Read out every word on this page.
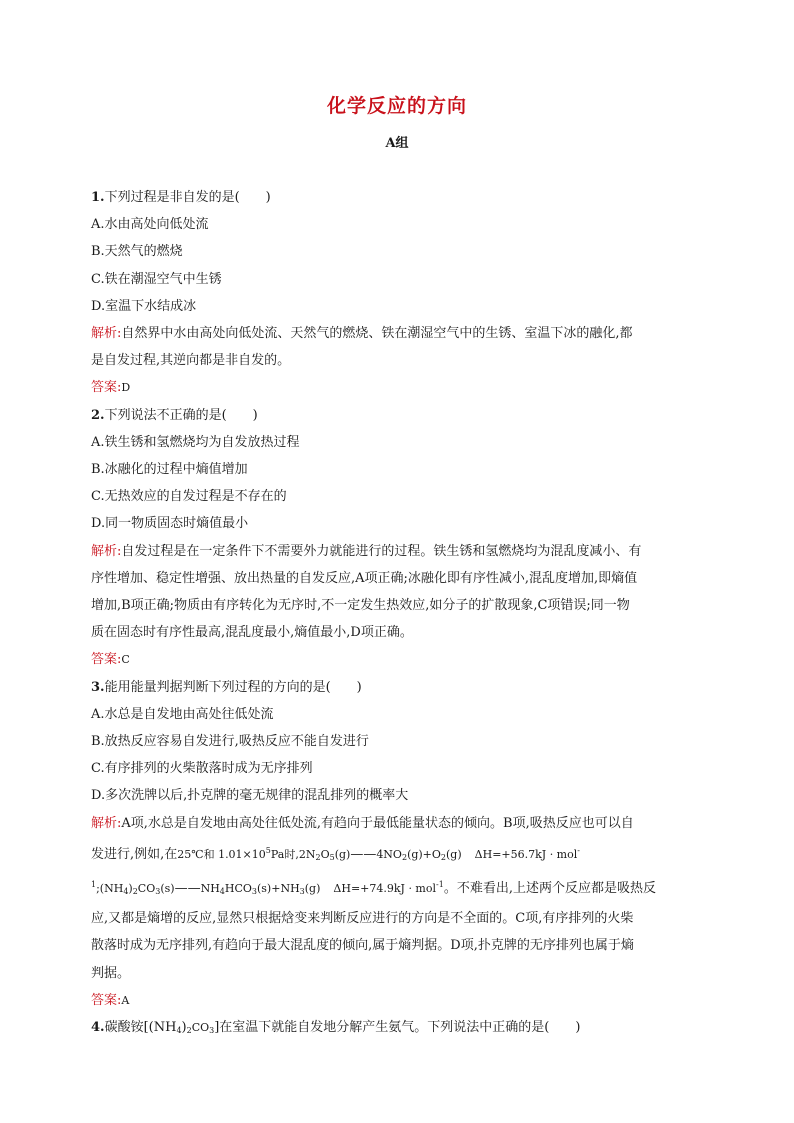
化学反应的方向
A组
1.下列过程是非自发的是(　　)
A.水由高处向低处流
B.天然气的燃烧
C.铁在潮湿空气中生锈
D.室温下水结成冰
解析:自然界中水由高处向低处流、天然气的燃烧、铁在潮湿空气中的生锈、室温下冰的融化,都
是自发过程,其逆向都是非自发的。
答案:D
2.下列说法不正确的是(　　)
A.铁生锈和氢燃烧均为自发放热过程
B.冰融化的过程中熵值增加
C.无热效应的自发过程是不存在的
D.同一物质固态时熵值最小
解析:自发过程是在一定条件下不需要外力就能进行的过程。铁生锈和氢燃烧均为混乱度减小、有
序性增加、稳定性增强、放出热量的自发反应,A项正确;冰融化即有序性减小,混乱度增加,即熵值
增加,B项正确;物质由有序转化为无序时,不一定发生热效应,如分子的扩散现象,C项错误;同一物
质在固态时有序性最高,混乱度最小,熵值最小,D项正确。
答案:C
3.能用能量判据判断下列过程的方向的是(　　)
A.水总是自发地由高处往低处流
B.放热反应容易自发进行,吸热反应不能自发进行
C.有序排列的火柴散落时成为无序排列
D.多次洗牌以后,扑克牌的毫无规律的混乱排列的概率大
解析:A项,水总是自发地由高处往低处流,有趋向于最低能量状态的倾向。B项,吸热反应也可以自
发进行,例如,在25℃和 $1.01\times 10^5Pa$时$,2N_2O_5(g)——4NO_2(g)+O_2(g)$　 ΔH=+56.7kJ · mol-
$^1;(NH_4)_2CO_3(s)——NH_4HCO_3(s)+NH_3(g)$　 ΔH=+74.9kJ · mol$^{-1}$。不难看出,上述两个反应都是吸热反
应,又都是熵增的反应,显然只根据焓变来判断反应进行的方向是不全面的。C项,有序排列的火柴
散落时成为无序排列,有趋向于最大混乱度的倾向,属于熵判据。D项,扑克牌的无序排列也属于熵
判据。
答案:A
4.碳酸铵$[(NH_4)_2CO_3]$在室温下就能自发地分解产生氨气。下列说法中正确的是(　　)
